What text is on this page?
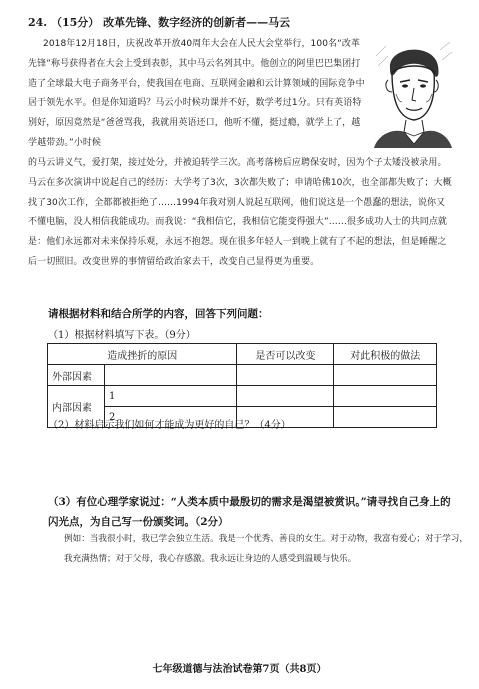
24. （15分） 改革先锋、数字经济的创新者——马云
2018年12月18日，庆祝改革开放40周年大会在人民大会堂举行，100名“改革先锋”称号获得者在大会上受到表彰，其中马云名列其中。他创立的阿里巴巴集团打造了全球最大电子商务平台，使我国在电商、互联网金融和云计算领域的国际竞争中居于领先水平。但是你知道吗？马云小时候功课并不好，数学考过1分。只有英语特别好，原因竟然是“爸爸骂我，我就用英语还口，他听不懂，挺过瘾，就学上了，越学越带劲。”小时候
的马云讲义气，爱打架，接过处分，并被迫转学三次。高考落榜后应聘保安时，因为个子太矮没被录用。马云在多次演讲中说起自己的经历：大学考了3次，3次都失败了；申请哈佛10次，也全部都失败了；大概找了30次工作，全都都被拒绝了……1994年我对别人说起互联网，他们说这是一个愚蠢的想法，说你又不懂电脑，没人相信我能成功。而我说：“我相信它，我相信它能变得强大”……很多成功人士的共同点就是：他们永远都对未来保持乐观，永远不抱怨。现在很多年轻人一到晚上就有了不起的想法，但是睡醒之后一切照旧。改变世界的事情留给政治家去干，改变自己显得更为重要。
请根据材料和结合所学的内容，回答下列问题：
（1）根据材料填写下表。（9分）
造成挫折的原因		是否可以改变	对此积极的做法
外部因素			
内部因素	1		
	2		
（2）材料启示我们如何才能成为更好的自己？（4分）
（3）有位心理学家说过：“人类本质中最殷切的需求是渴望被赏识。”请寻找自己身上的闪光点，为自己写一份颁奖词。（2分）
例如：当我很小时，我已学会独立生活。我是一个优秀、善良的女生。对于动物，我富有爱心；对于学习，我充满热情；对于父母，我心存感激。我永远让身边的人感受到温暖与快乐。
七年级道德与法治试卷第7页（共8页）
